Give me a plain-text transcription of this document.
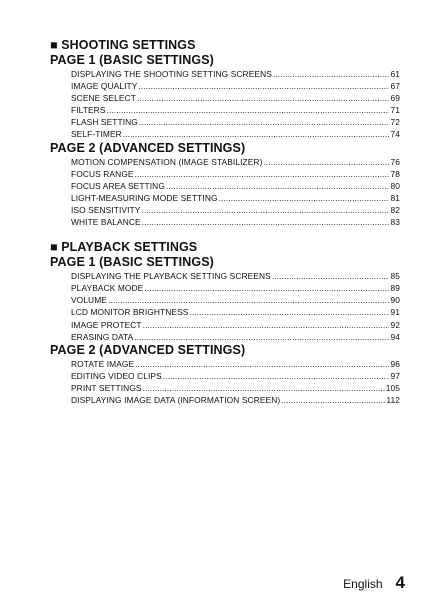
■ SHOOTING SETTINGS
PAGE 1 (BASIC SETTINGS)
DISPLAYING THE SHOOTING SETTING SCREENS .....	61
IMAGE QUALITY .....	67
SCENE SELECT .....	69
FILTERS .....	71
FLASH SETTING .....	72
SELF-TIMER .....	74
PAGE 2 (ADVANCED SETTINGS)
MOTION COMPENSATION (IMAGE STABILIZER) .....	76
FOCUS RANGE .....	78
FOCUS AREA SETTING .....	80
LIGHT-MEASURING MODE SETTING .....	81
ISO SENSITIVITY .....	82
WHITE BALANCE .....	83
■ PLAYBACK SETTINGS
PAGE 1 (BASIC SETTINGS)
DISPLAYING THE PLAYBACK SETTING SCREENS .....	85
PLAYBACK MODE .....	89
VOLUME .....	90
LCD MONITOR BRIGHTNESS .....	91
IMAGE PROTECT .....	92
ERASING DATA .....	94
PAGE 2 (ADVANCED SETTINGS)
ROTATE IMAGE .....	96
EDITING VIDEO CLIPS .....	97
PRINT SETTINGS .....	105
DISPLAYING IMAGE DATA (INFORMATION SCREEN) .....	112
English 4
